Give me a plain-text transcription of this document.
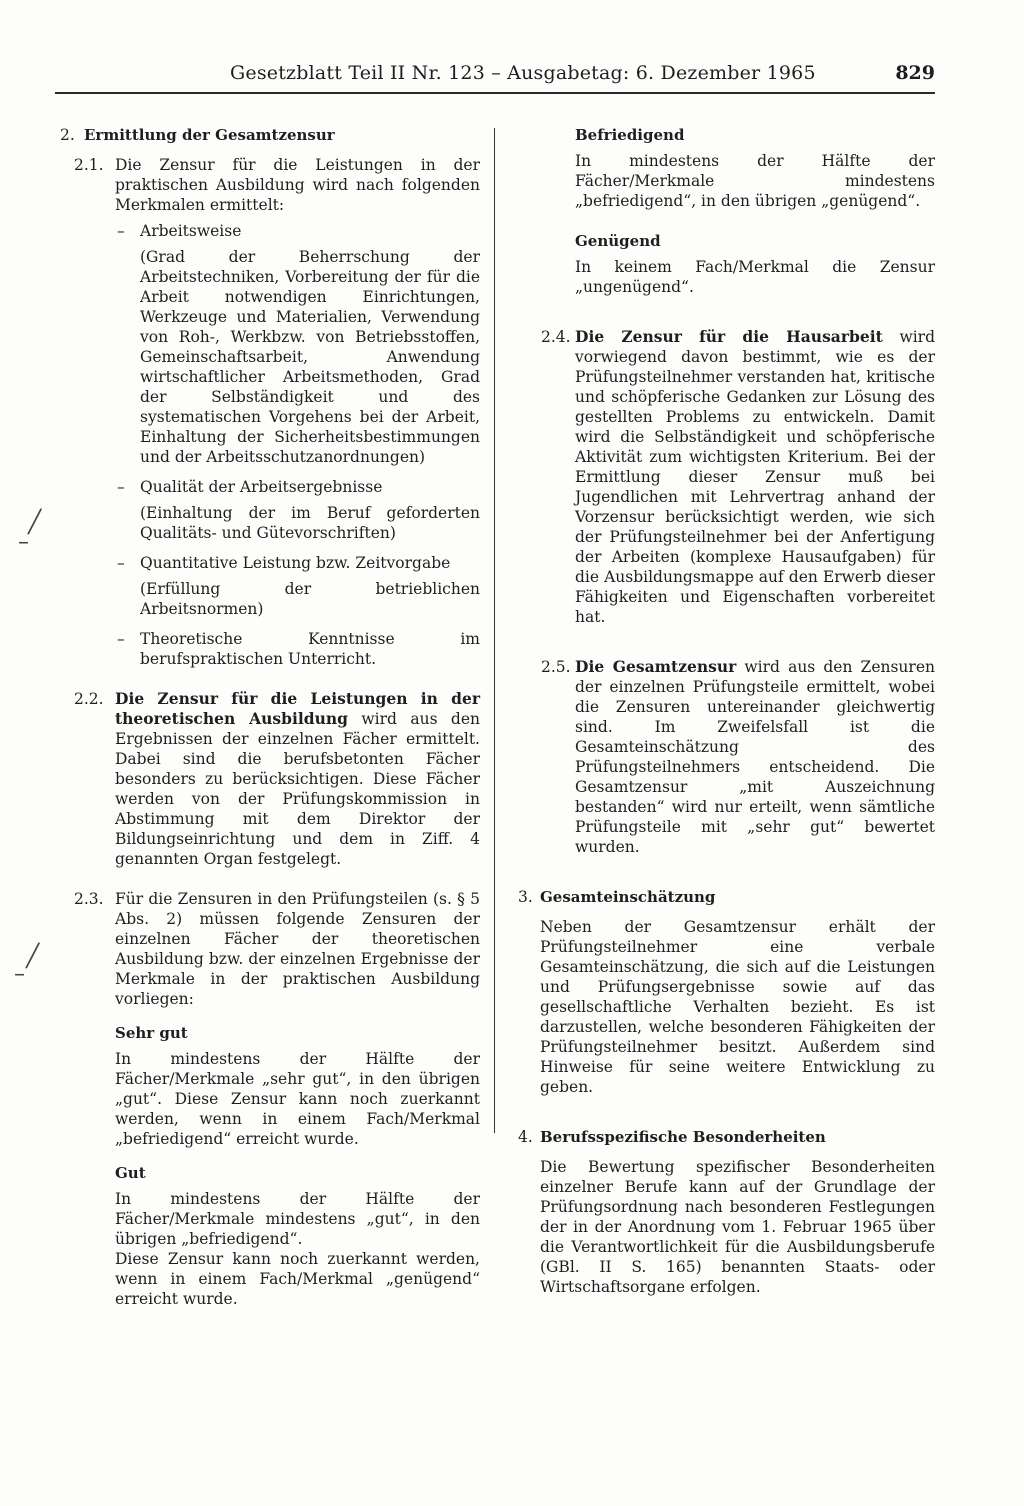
Gesetzblatt Teil II Nr. 123 – Ausgabetag: 6. Dezember 1965	829
╱
–
╱
–
2. Ermittlung der Gesamtzensur
2.1. Die Zensur für die Leistungen in der praktischen Ausbildung wird nach folgenden Merkmalen ermittelt:

– Arbeitsweise

(Grad der Beherrschung der Arbeitstechniken, Vorbereitung der für die Arbeit notwendigen Einrichtungen, Werkzeuge und Materialien, Verwendung von Roh-, Werkbzw. von Betriebsstoffen, Gemeinschaftsarbeit, Anwendung wirtschaftlicher Arbeitsmethoden, Grad der Selbständigkeit und des systematischen Vorgehens bei der Arbeit, Einhaltung der Sicherheitsbestimmungen und der Arbeitsschutzanordnungen)

– Qualität der Arbeitsergebnisse

(Einhaltung der im Beruf geforderten Qualitäts- und Gütevorschriften)

– Quantitative Leistung bzw. Zeitvorgabe

(Erfüllung der betrieblichen Arbeitsnormen)

– Theoretische Kenntnisse im berufspraktischen Unterricht.

2.2. Die Zensur für die Leistungen in der theoretischen Ausbildung wird aus den Ergebnissen der einzelnen Fächer ermittelt. Dabei sind die berufsbetonten Fächer besonders zu berücksichtigen. Diese Fächer werden von der Prüfungskommission in Abstimmung mit dem Direktor der Bildungseinrichtung und dem in Ziff. 4 genannten Organ festgelegt.

2.3. Für die Zensuren in den Prüfungsteilen (s. § 5 Abs. 2) müssen folgende Zensuren der einzelnen Fächer der theoretischen Ausbildung bzw. der einzelnen Ergebnisse der Merkmale in der praktischen Ausbildung vorliegen:

Sehr gut

In mindestens der Hälfte der Fächer/Merkmale „sehr gut“, in den übrigen „gut“. Diese Zensur kann noch zuerkannt werden, wenn in einem Fach/Merkmal „befriedigend“ erreicht wurde.

Gut

In mindestens der Hälfte der Fächer/Merkmale mindestens „gut“, in den übrigen „befriedigend“.

Diese Zensur kann noch zuerkannt werden, wenn in einem Fach/Merkmal „genügend“ erreicht wurde.

Befriedigend

In mindestens der Hälfte der Fächer/Merkmale mindestens „befriedigend“, in den übrigen „genügend“.

Genügend

In keinem Fach/Merkmal die Zensur „ungenügend“.

2.4. Die Zensur für die Hausarbeit wird vorwiegend davon bestimmt, wie es der Prüfungsteilnehmer verstanden hat, kritische und schöpferische Gedanken zur Lösung des gestellten Problems zu entwickeln. Damit wird die Selbständigkeit und schöpferische Aktivität zum wichtigsten Kriterium. Bei der Ermittlung dieser Zensur muß bei Jugendlichen mit Lehrvertrag anhand der Vorzensur berücksichtigt werden, wie sich der Prüfungsteilnehmer bei der Anfertigung der Arbeiten (komplexe Hausaufgaben) für die Ausbildungsmappe auf den Erwerb dieser Fähigkeiten und Eigenschaften vorbereitet hat.

2.5. Die Gesamtzensur wird aus den Zensuren der einzelnen Prüfungsteile ermittelt, wobei die Zensuren untereinander gleichwertig sind. Im Zweifelsfall ist die Gesamteinschätzung des Prüfungsteilnehmers entscheidend. Die Gesamtzensur „mit Auszeichnung bestanden“ wird nur erteilt, wenn sämtliche Prüfungsteile mit „sehr gut“ bewertet wurden.

3. Gesamteinschätzung

Neben der Gesamtzensur erhält der Prüfungsteilnehmer eine verbale Gesamteinschätzung, die sich auf die Leistungen und Prüfungsergebnisse sowie auf das gesellschaftliche Verhalten bezieht. Es ist darzustellen, welche besonderen Fähigkeiten der Prüfungsteilnehmer besitzt. Außerdem sind Hinweise für seine weitere Entwicklung zu geben.

4. Berufsspezifische Besonderheiten

Die Bewertung spezifischer Besonderheiten einzelner Berufe kann auf der Grundlage der Prüfungsordnung nach besonderen Festlegungen der in der Anordnung vom 1. Februar 1965 über die Verantwortlichkeit für die Ausbildungsberufe (GBl. II S. 165) benannten Staats- oder Wirtschaftsorgane erfolgen.
